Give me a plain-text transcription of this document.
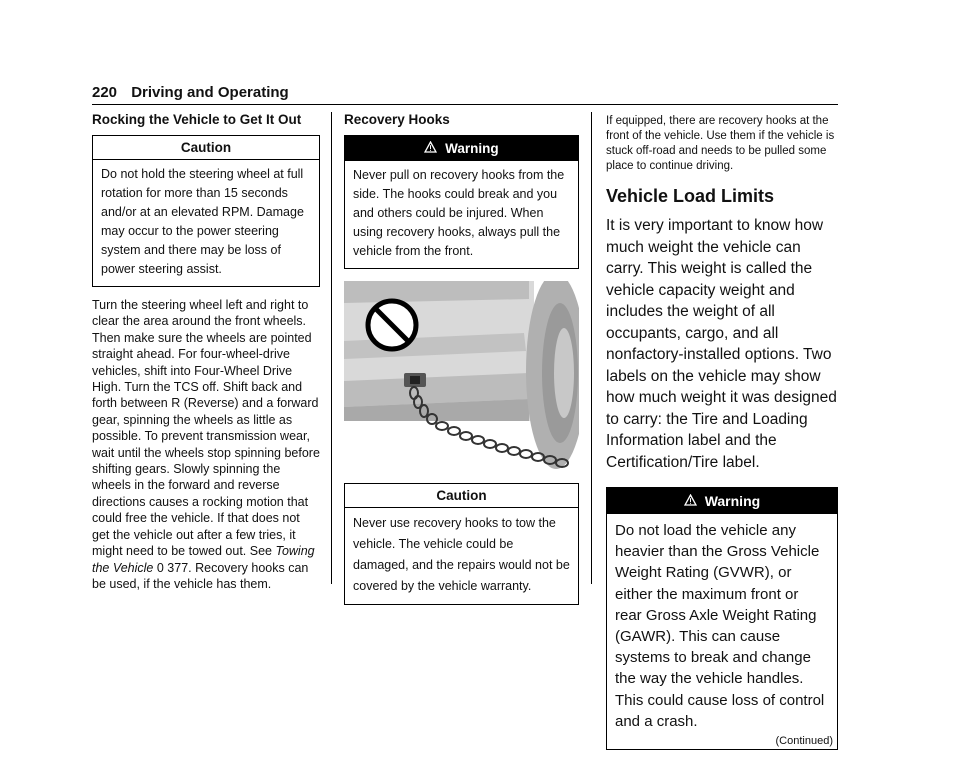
220 Driving and Operating
Rocking the Vehicle to Get It Out
Caution
Do not hold the steering wheel at full rotation for more than 15 seconds and/or at an elevated RPM. Damage may occur to the power steering system and there may be loss of power steering assist.

Turn the steering wheel left and right to clear the area around the front wheels. Then make sure the wheels are pointed straight ahead. For four-wheel-drive vehicles, shift into Four-Wheel Drive High. Turn the TCS off. Shift back and forth between R (Reverse) and a forward gear, spinning the wheels as little as possible. To prevent transmission wear, wait until the wheels stop spinning before shifting gears. Slowly spinning the wheels in the forward and reverse directions causes a rocking motion that could free the vehicle. If that does not get the vehicle out after a few tries, it might need to be towed out. See Towing the Vehicle 0 377. Recovery hooks can be used, if the vehicle has them.

Recovery Hooks
Warning
Never pull on recovery hooks from the side. The hooks could break and you and others could be injured. When using recovery hooks, always pull the vehicle from the front.
Caution
Never use recovery hooks to tow the vehicle. The vehicle could be damaged, and the repairs would not be covered by the vehicle warranty.

If equipped, there are recovery hooks at the front of the vehicle. Use them if the vehicle is stuck off-road and needs to be pulled some place to continue driving.

Vehicle Load Limits

It is very important to know how much weight the vehicle can carry. This weight is called the vehicle capacity weight and includes the weight of all occupants, cargo, and all nonfactory-installed options. Two labels on the vehicle may show how much weight it was designed to carry: the Tire and Loading Information label and the Certification/Tire label.

Warning
Do not load the vehicle any heavier than the Gross Vehicle Weight Rating (GVWR), or either the maximum front or rear Gross Axle Weight Rating (GAWR). This can cause systems to break and change the way the vehicle handles. This could cause loss of control and a crash.
(Continued)
